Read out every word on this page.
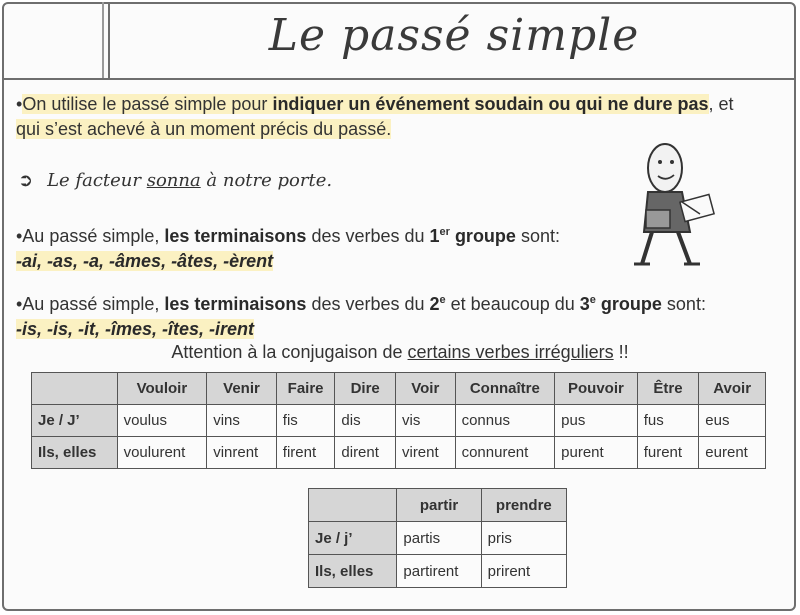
Le passé simple
•On utilise le passé simple pour indiquer un événement soudain ou qui ne dure pas, et
qui s’est achevé à un moment précis du passé.
➲ Le facteur sonna à notre porte.
•Au passé simple, les terminaisons des verbes du 1er groupe sont:
-ai, -as, -a, -âmes, -âtes, -èrent
•Au passé simple, les terminaisons des verbes du 2e et beaucoup du 3e groupe sont:
-is, -is, -it, -îmes, -îtes, -irent
Attention à la conjugaison de certains verbes irréguliers !!
	Vouloir	Venir	Faire	Dire	Voir	Connaître	Pouvoir	Être	Avoir
Je / J’	voulus	vins	fis	dis	vis	connus	pus	fus	eus
Ils, elles	voulurent	vinrent	firent	dirent	virent	connurent	purent	furent	eurent
	partir	prendre
Je / j’	partis	pris
Ils, elles	partirent	prirent
